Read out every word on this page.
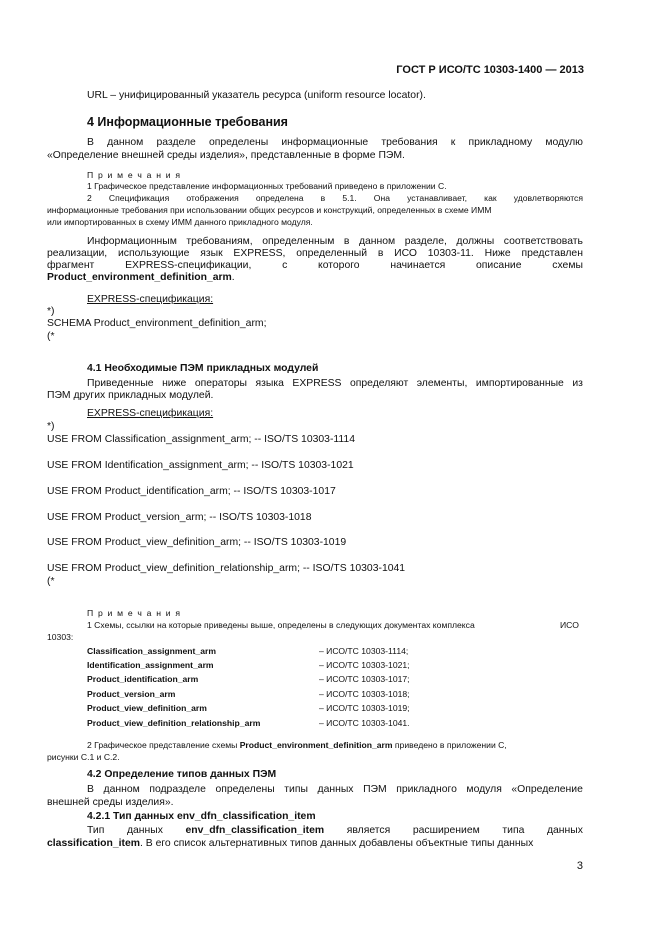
ГОСТ Р ИСО/ТС 10303-1400 — 2013
URL – унифицированный указатель ресурса (uniform resource locator).
4 Информационные требования
В данном разделе определены информационные требования к прикладному модулю
«Определение внешней среды изделия», представленные в форме ПЭМ.
П р и м е ч а н и я
1 Графическое представление информационных требований приведено в приложении С.
2 Спецификация отображения определена в 5.1. Она устанавливает, как удовлетворяются
информационные требования при использовании общих ресурсов и конструкций, определенных в схеме ИММ
или импортированных в схему ИММ данного прикладного модуля.
Информационным требованиям, определенным в данном разделе, должны соответствовать
реализации, использующие язык EXPRESS, определенный в ИСО 10303-11. Ниже представлен
фрагмент	EXPRESS-спецификации,	с	которого	начинается	описание	схемы
Product_environment_definition_arm.
EXPRESS-спецификация:
*)
SCHEMA Product_environment_definition_arm;
(*
4.1 Необходимые ПЭМ прикладных модулей
Приведенные ниже операторы языка EXPRESS определяют элементы, импортированные из
ПЭМ других прикладных модулей.
EXPRESS-спецификация:
*)
USE FROM Classification_assignment_arm; -- ISO/TS 10303-1114
USE FROM Identification_assignment_arm; -- ISO/TS 10303-1021
USE FROM Product_identification_arm; -- ISO/TS 10303-1017
USE FROM Product_version_arm; -- ISO/TS 10303-1018
USE FROM Product_view_definition_arm; -- ISO/TS 10303-1019
USE FROM Product_view_definition_relationship_arm; -- ISO/TS 10303-1041
(*
П р и м е ч а н и я
1 Схемы, ссылки на которые приведены выше, определены в следующих документах комплекса	ИСО
10303:
Classification_assignment_arm	– ИСО/ТС 10303-1114;
Identification_assignment_arm	– ИСО/ТС 10303-1021;
Product_identification_arm	– ИСО/ТС 10303-1017;
Product_version_arm	– ИСО/ТС 10303-1018;
Product_view_definition_arm	– ИСО/ТС 10303-1019;
Product_view_definition_relationship_arm	– ИСО/ТС 10303-1041.
2 Графическое представление схемы Product_environment_definition_arm приведено в приложении С,
рисунки С.1 и С.2.
4.2 Определение типов данных ПЭМ
В данном подразделе определены типы данных ПЭМ прикладного модуля «Определение
внешней среды изделия».
4.2.1 Тип данных env_dfn_classification_item
Тип данных env_dfn_classification_item является расширением типа данных
classification_item. В его список альтернативных типов данных добавлены объектные типы данных
3
